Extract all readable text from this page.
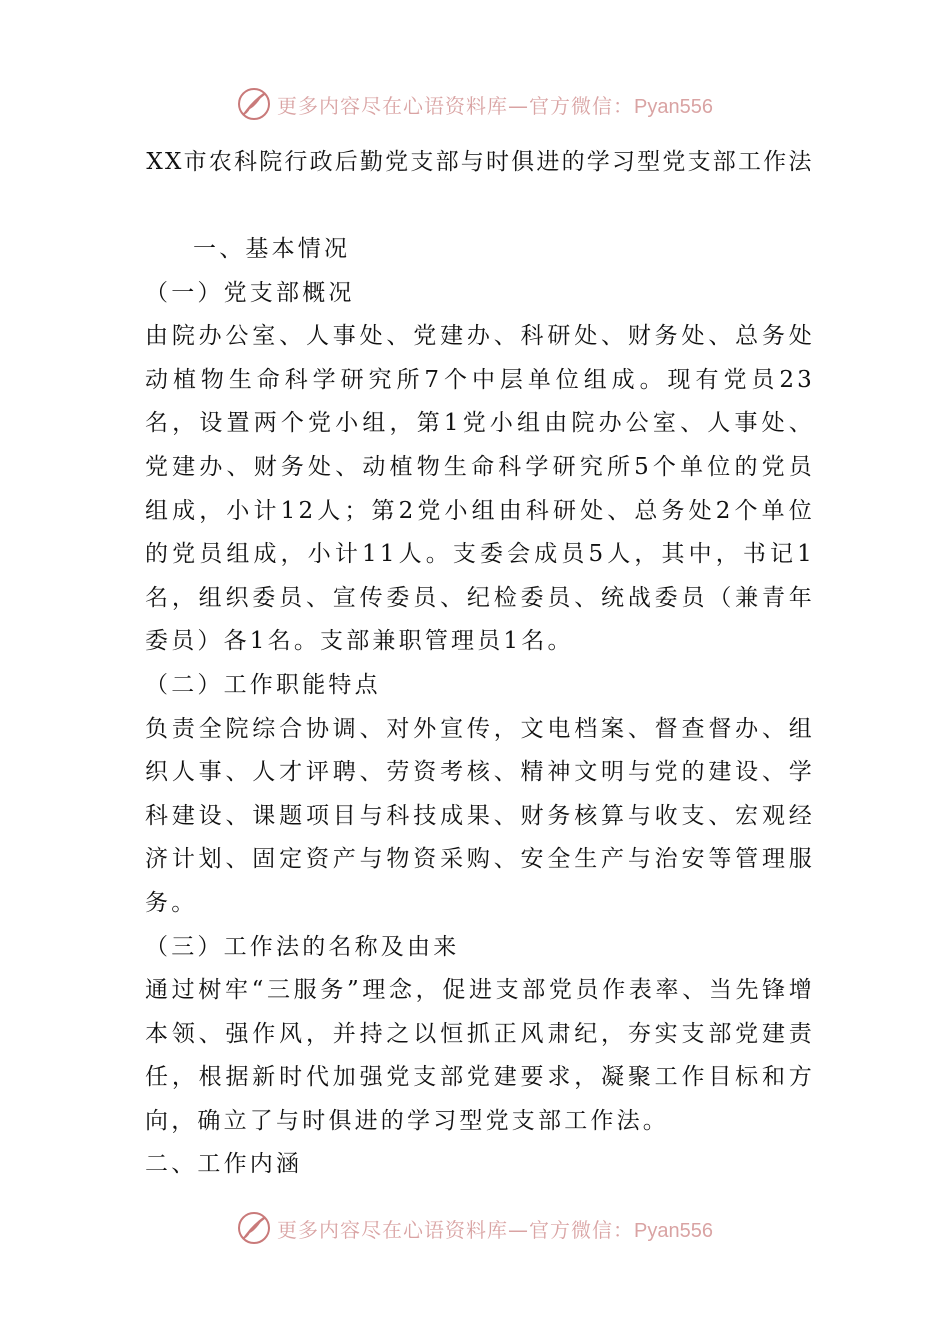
更多内容尽在心语资料库—官方微信：Pyan556
XX市农科院行政后勤党支部与时俱进的学习型党支部工作法

一、基本情况

（一）党支部概况

由院办公室、人事处、党建办、科研处、财务处、总务处动植物生命科学研究所7个中层单位组成。现有党员23名，设置两个党小组，第1党小组由院办公室、人事处、党建办、财务处、动植物生命科学研究所5个单位的党员组成，小计12人；第2党小组由科研处、总务处2个单位的党员组成，小计11人。支委会成员5人，其中，书记1名，组织委员、宣传委员、纪检委员、统战委员（兼青年委员）各1名。支部兼职管理员1名。

（二）工作职能特点

负责全院综合协调、对外宣传，文电档案、督查督办、组织人事、人才评聘、劳资考核、精神文明与党的建设、学科建设、课题项目与科技成果、财务核算与收支、宏观经济计划、固定资产与物资采购、安全生产与治安等管理服务。

（三）工作法的名称及由来

通过树牢“三服务”理念，促进支部党员作表率、当先锋增本领、强作风，并持之以恒抓正风肃纪，夯实支部党建责任，根据新时代加强党支部党建要求，凝聚工作目标和方向，确立了与时俱进的学习型党支部工作法。

二、工作内涵

更多内容尽在心语资料库—官方微信：Pyan556
